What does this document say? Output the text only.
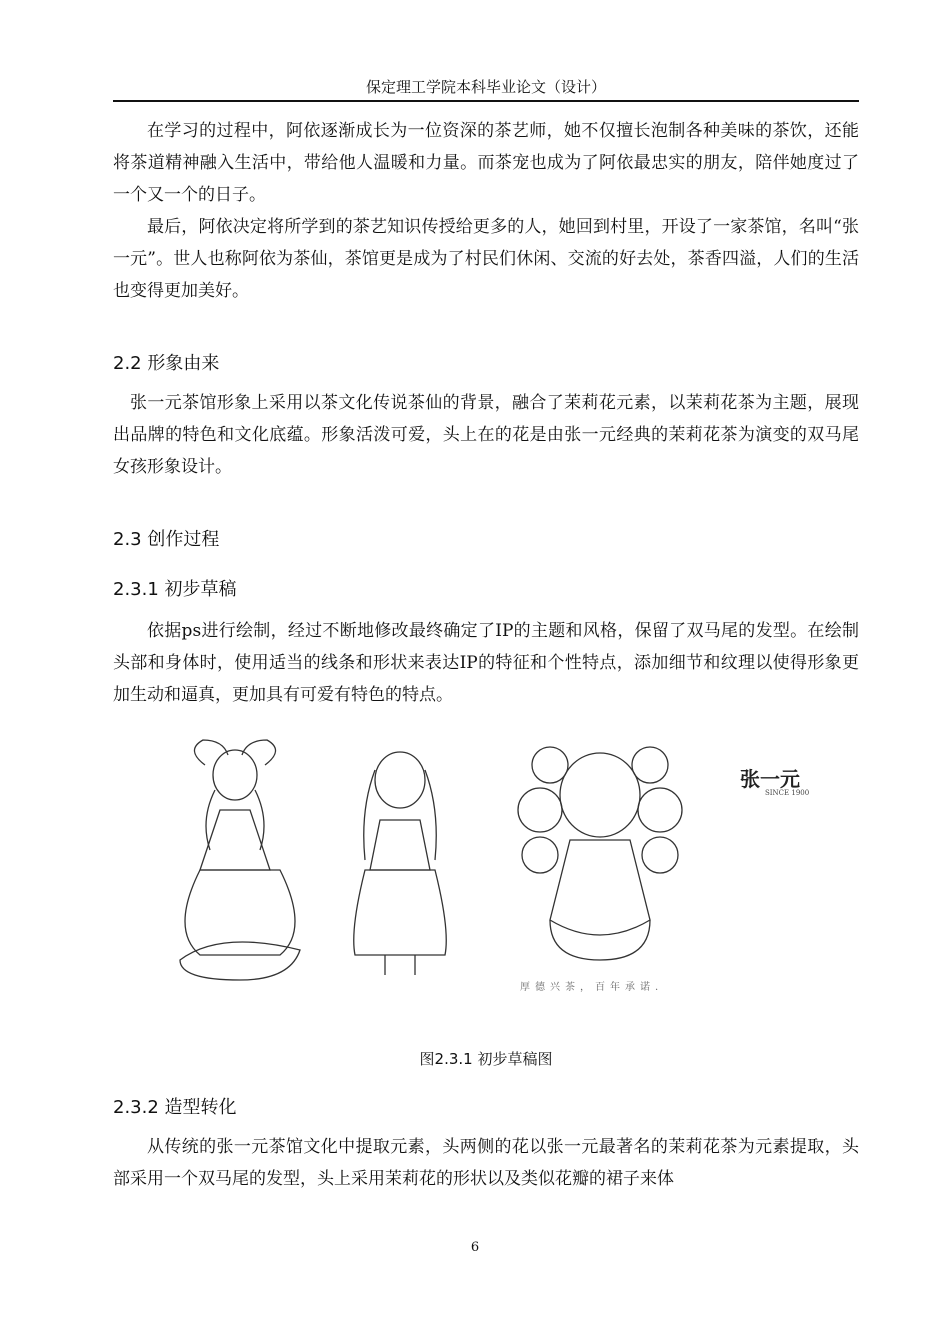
保定理工学院本科毕业论文（设计）

在学习的过程中，阿依逐渐成长为一位资深的茶艺师，她不仅擅长泡制各种美味的茶饮，还能将茶道精神融入生活中，带给他人温暖和力量。而茶宠也成为了阿依最忠实的朋友，陪伴她度过了一个又一个的日子。

最后，阿依决定将所学到的茶艺知识传授给更多的人，她回到村里，开设了一家茶馆，名叫“张一元”。世人也称阿依为茶仙，茶馆更是成为了村民们休闲、交流的好去处，茶香四溢，人们的生活也变得更加美好。

2.2 形象由来

张一元茶馆形象上采用以茶文化传说茶仙的背景，融合了茉莉花元素，以茉莉花茶为主题，展现出品牌的特色和文化底蕴。形象活泼可爱，头上在的花是由张一元经典的茉莉花茶为演变的双马尾女孩形象设计。

2.3 创作过程
2.3.1 初步草稿

依据ps进行绘制，经过不断地修改最终确定了IP的主题和风格，保留了双马尾的发型。在绘制头部和身体时，使用适当的线条和形状来表达IP的特征和个性特点，添加细节和纹理以使得形象更加生动和逼真，更加具有可爱有特色的特点。

张一元
SINCE 1900
厚德兴茶，百年承诺.
图2.3.1 初步草稿图
2.3.2 造型转化

从传统的张一元茶馆文化中提取元素，头两侧的花以张一元最著名的茉莉花茶为元素提取，头部采用一个双马尾的发型，头上采用茉莉花的形状以及类似花瓣的裙子来体

6
